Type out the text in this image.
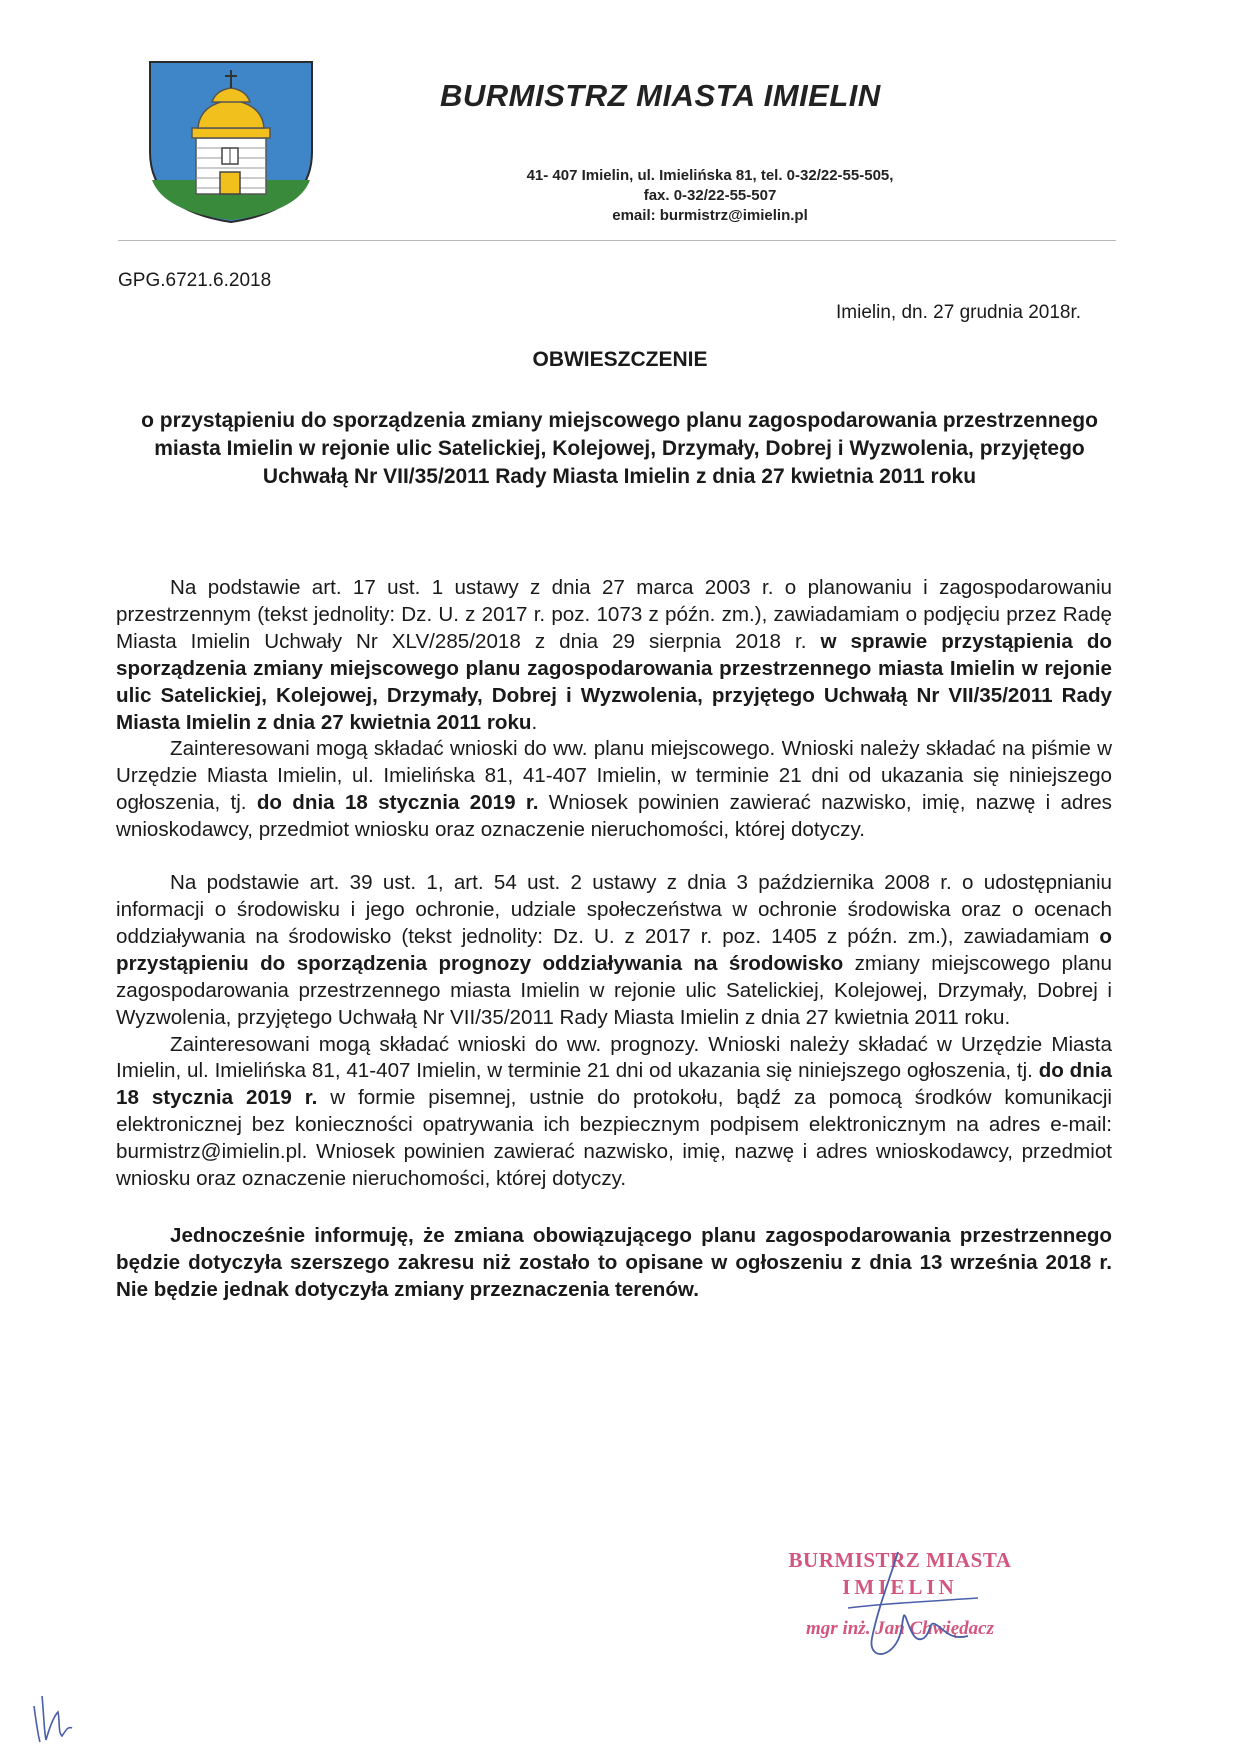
BURMISTRZ MIASTA IMIELIN
41- 407 Imielin, ul. Imielińska 81, tel. 0-32/22-55-505,
fax. 0-32/22-55-507
email: burmistrz@imielin.pl
GPG.6721.6.2018
Imielin, dn. 27 grudnia 2018r.
OBWIESZCZENIE
o przystąpieniu do sporządzenia zmiany miejscowego planu zagospodarowania przestrzennego miasta Imielin w rejonie ulic Satelickiej, Kolejowej, Drzymały, Dobrej i Wyzwolenia, przyjętego Uchwałą Nr VII/35/2011 Rady Miasta Imielin z dnia 27 kwietnia 2011 roku

Na podstawie art. 17 ust. 1 ustawy z dnia 27 marca 2003 r. o planowaniu i zagospodarowaniu przestrzennym (tekst jednolity: Dz. U. z 2017 r. poz. 1073 z późn. zm.), zawiadamiam o podjęciu przez Radę Miasta Imielin Uchwały Nr XLV/285/2018 z dnia 29 sierpnia 2018 r. w sprawie przystąpienia do sporządzenia zmiany miejscowego planu zagospodarowania przestrzennego miasta Imielin w rejonie ulic Satelickiej, Kolejowej, Drzymały, Dobrej i Wyzwolenia, przyjętego Uchwałą Nr VII/35/2011 Rady Miasta Imielin z dnia 27 kwietnia 2011 roku.

Zainteresowani mogą składać wnioski do ww. planu miejscowego. Wnioski należy składać na piśmie w Urzędzie Miasta Imielin, ul. Imielińska 81, 41-407 Imielin, w terminie 21 dni od ukazania się niniejszego ogłoszenia, tj. do dnia 18 stycznia 2019 r. Wniosek powinien zawierać nazwisko, imię, nazwę i adres wnioskodawcy, przedmiot wniosku oraz oznaczenie nieruchomości, której dotyczy.

Na podstawie art. 39 ust. 1, art. 54 ust. 2 ustawy z dnia 3 października 2008 r. o udostępnianiu informacji o środowisku i jego ochronie, udziale społeczeństwa w ochronie środowiska oraz o ocenach oddziaływania na środowisko (tekst jednolity: Dz. U. z 2017 r. poz. 1405 z późn. zm.), zawiadamiam o przystąpieniu do sporządzenia prognozy oddziaływania na środowisko zmiany miejscowego planu zagospodarowania przestrzennego miasta Imielin w rejonie ulic Satelickiej, Kolejowej, Drzymały, Dobrej i Wyzwolenia, przyjętego Uchwałą Nr VII/35/2011 Rady Miasta Imielin z dnia 27 kwietnia 2011 roku.

Zainteresowani mogą składać wnioski do ww. prognozy. Wnioski należy składać w Urzędzie Miasta Imielin, ul. Imielińska 81, 41-407 Imielin, w terminie 21 dni od ukazania się niniejszego ogłoszenia, tj. do dnia 18 stycznia 2019 r. w formie pisemnej, ustnie do protokołu, bądź za pomocą środków komunikacji elektronicznej bez konieczności opatrywania ich bezpiecznym podpisem elektronicznym na adres e-mail: burmistrz@imielin.pl. Wniosek powinien zawierać nazwisko, imię, nazwę i adres wnioskodawcy, przedmiot wniosku oraz oznaczenie nieruchomości, której dotyczy.

Jednocześnie informuję, że zmiana obowiązującego planu zagospodarowania przestrzennego będzie dotyczyła szerszego zakresu niż zostało to opisane w ogłoszeniu z dnia 13 września 2018 r. Nie będzie jednak dotyczyła zmiany przeznaczenia terenów.

BURMISTRZ MIASTA
IMIELIN
mgr inż. Jan Chwiędacz
